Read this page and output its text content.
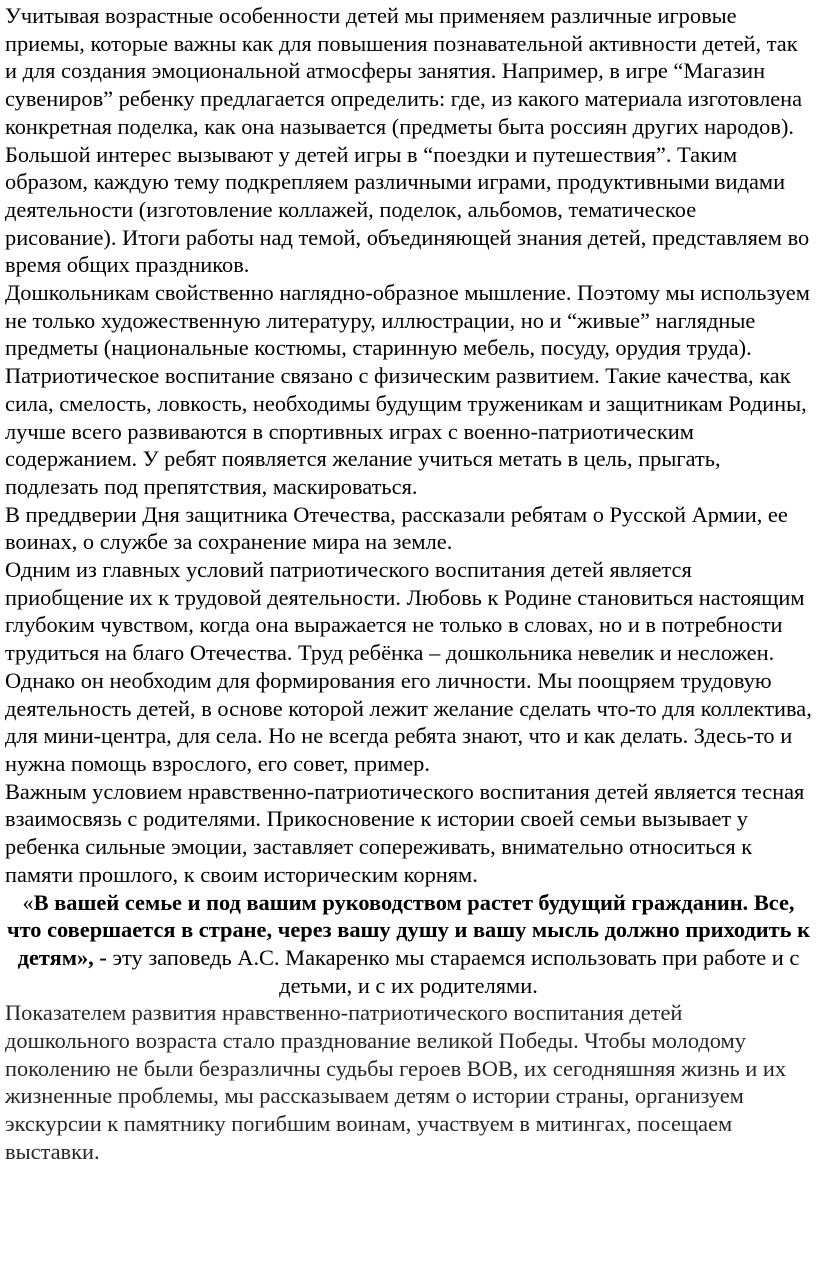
Учитывая возрастные особенности детей мы применяем различные игровые приемы, которые важны как для повышения познавательной активности детей, так и для создания эмоциональной атмосферы занятия. Например, в игре “Магазин сувениров” ребенку предлагается определить: где, из какого материала изготовлена конкретная поделка, как она называется (предметы быта россиян других народов). Большой интерес вызывают у детей игры в “поездки и путешествия”. Таким образом, каждую тему подкрепляем различными играми, продуктивными видами деятельности (изготовление коллажей, поделок, альбомов, тематическое рисование). Итоги работы над темой, объединяющей знания детей, представляем во время общих праздников.

Дошкольникам свойственно наглядно-образное мышление. Поэтому мы используем не только художественную литературу, иллюстрации, но и “живые” наглядные предметы (национальные костюмы, старинную мебель, посуду, орудия труда). Патриотическое воспитание связано с физическим развитием. Такие качества, как сила, смелость, ловкость, необходимы будущим труженикам и защитникам Родины, лучше всего развиваются в спортивных играх с военно-патриотическим содержанием. У ребят появляется желание учиться метать в цель, прыгать, подлезать под препятствия, маскироваться.

В преддверии Дня защитника Отечества, рассказали ребятам о Русской Армии, ее воинах, о службе за сохранение мира на земле.

Одним из главных условий патриотического воспитания детей является приобщение их к трудовой деятельности. Любовь к Родине становиться настоящим глубоким чувством, когда она выражается не только в словах, но и в потребности трудиться на благо Отечества. Труд ребёнка – дошкольника невелик и несложен. Однако он необходим для формирования его личности. Мы поощряем трудовую деятельность детей, в основе которой лежит желание сделать что-то для коллектива, для мини-центра, для села. Но не всегда ребята знают, что и как делать. Здесь-то и нужна помощь взрослого, его совет, пример.

Важным условием нравственно-патриотического воспитания детей является тесная взаимосвязь с родителями. Прикосновение к истории своей семьи вызывает у ребенка сильные эмоции, заставляет сопереживать, внимательно относиться к памяти прошлого, к своим историческим корням.

«В вашей семье и под вашим руководством растет будущий гражданин. Все, что совершается в стране, через вашу душу и вашу мысль должно приходить к детям», - эту заповедь А.С. Макаренко мы стараемся использовать при работе и с детьми, и с их родителями.

Показателем развития нравственно-патриотического воспитания детей дошкольного возраста стало празднование великой Победы. Чтобы молодому поколению не были безразличны судьбы героев ВОВ, их сегодняшняя жизнь и их жизненные проблемы, мы рассказываем детям о истории страны, организуем экскурсии к памятнику погибшим воинам, участвуем в митингах, посещаем выставки.
